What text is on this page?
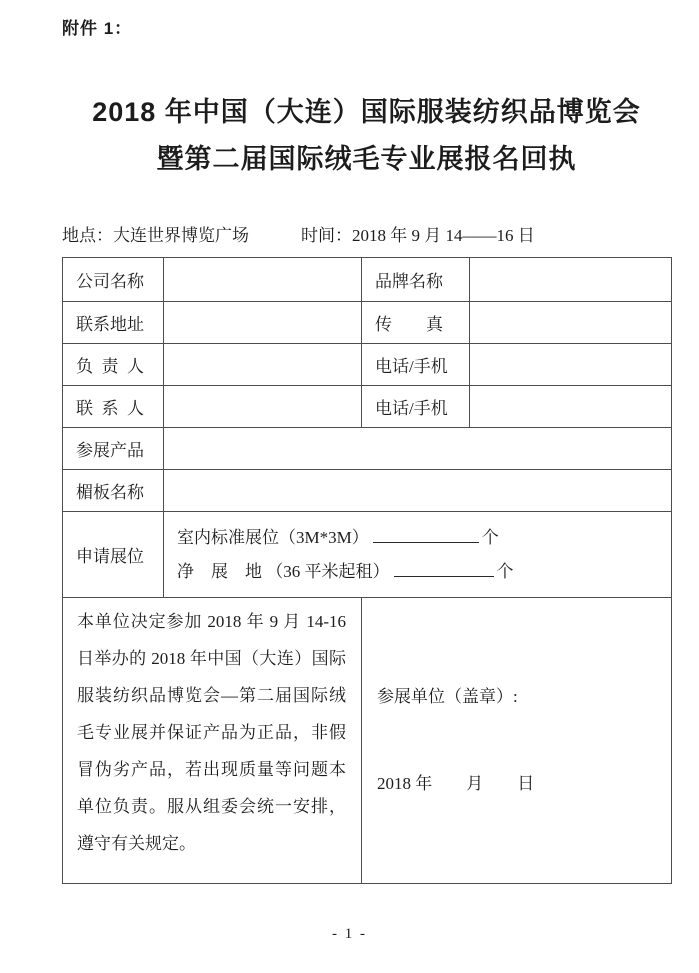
附件 1：
2018 年中国（大连）国际服装纺织品博览会
暨第二届国际绒毛专业展报名回执
地点：大连世界博览广场	时间：2018 年 9 月 14——16 日
公司名称		品牌名称	
联系地址		传　　真	
负  责  人		电话/手机	
联  系  人		电话/手机	
参展产品			
楣板名称			
申请展位	室内标准展位（3M*3M） 个
净　展　地 （36 平米起租） 个		

本单位决定参加 2018 年 9 月 14-16 日举办的 2018 年中国（大连）国际服装纺织品博览会—第二届国际绒毛专业展并保证产品为正品，非假冒伪劣产品，若出现质量等问题本单位负责。服从组委会统一安排，遵守有关规定。		参展单位（盖章）:
2018 年　　月　　日	
- 1 -
